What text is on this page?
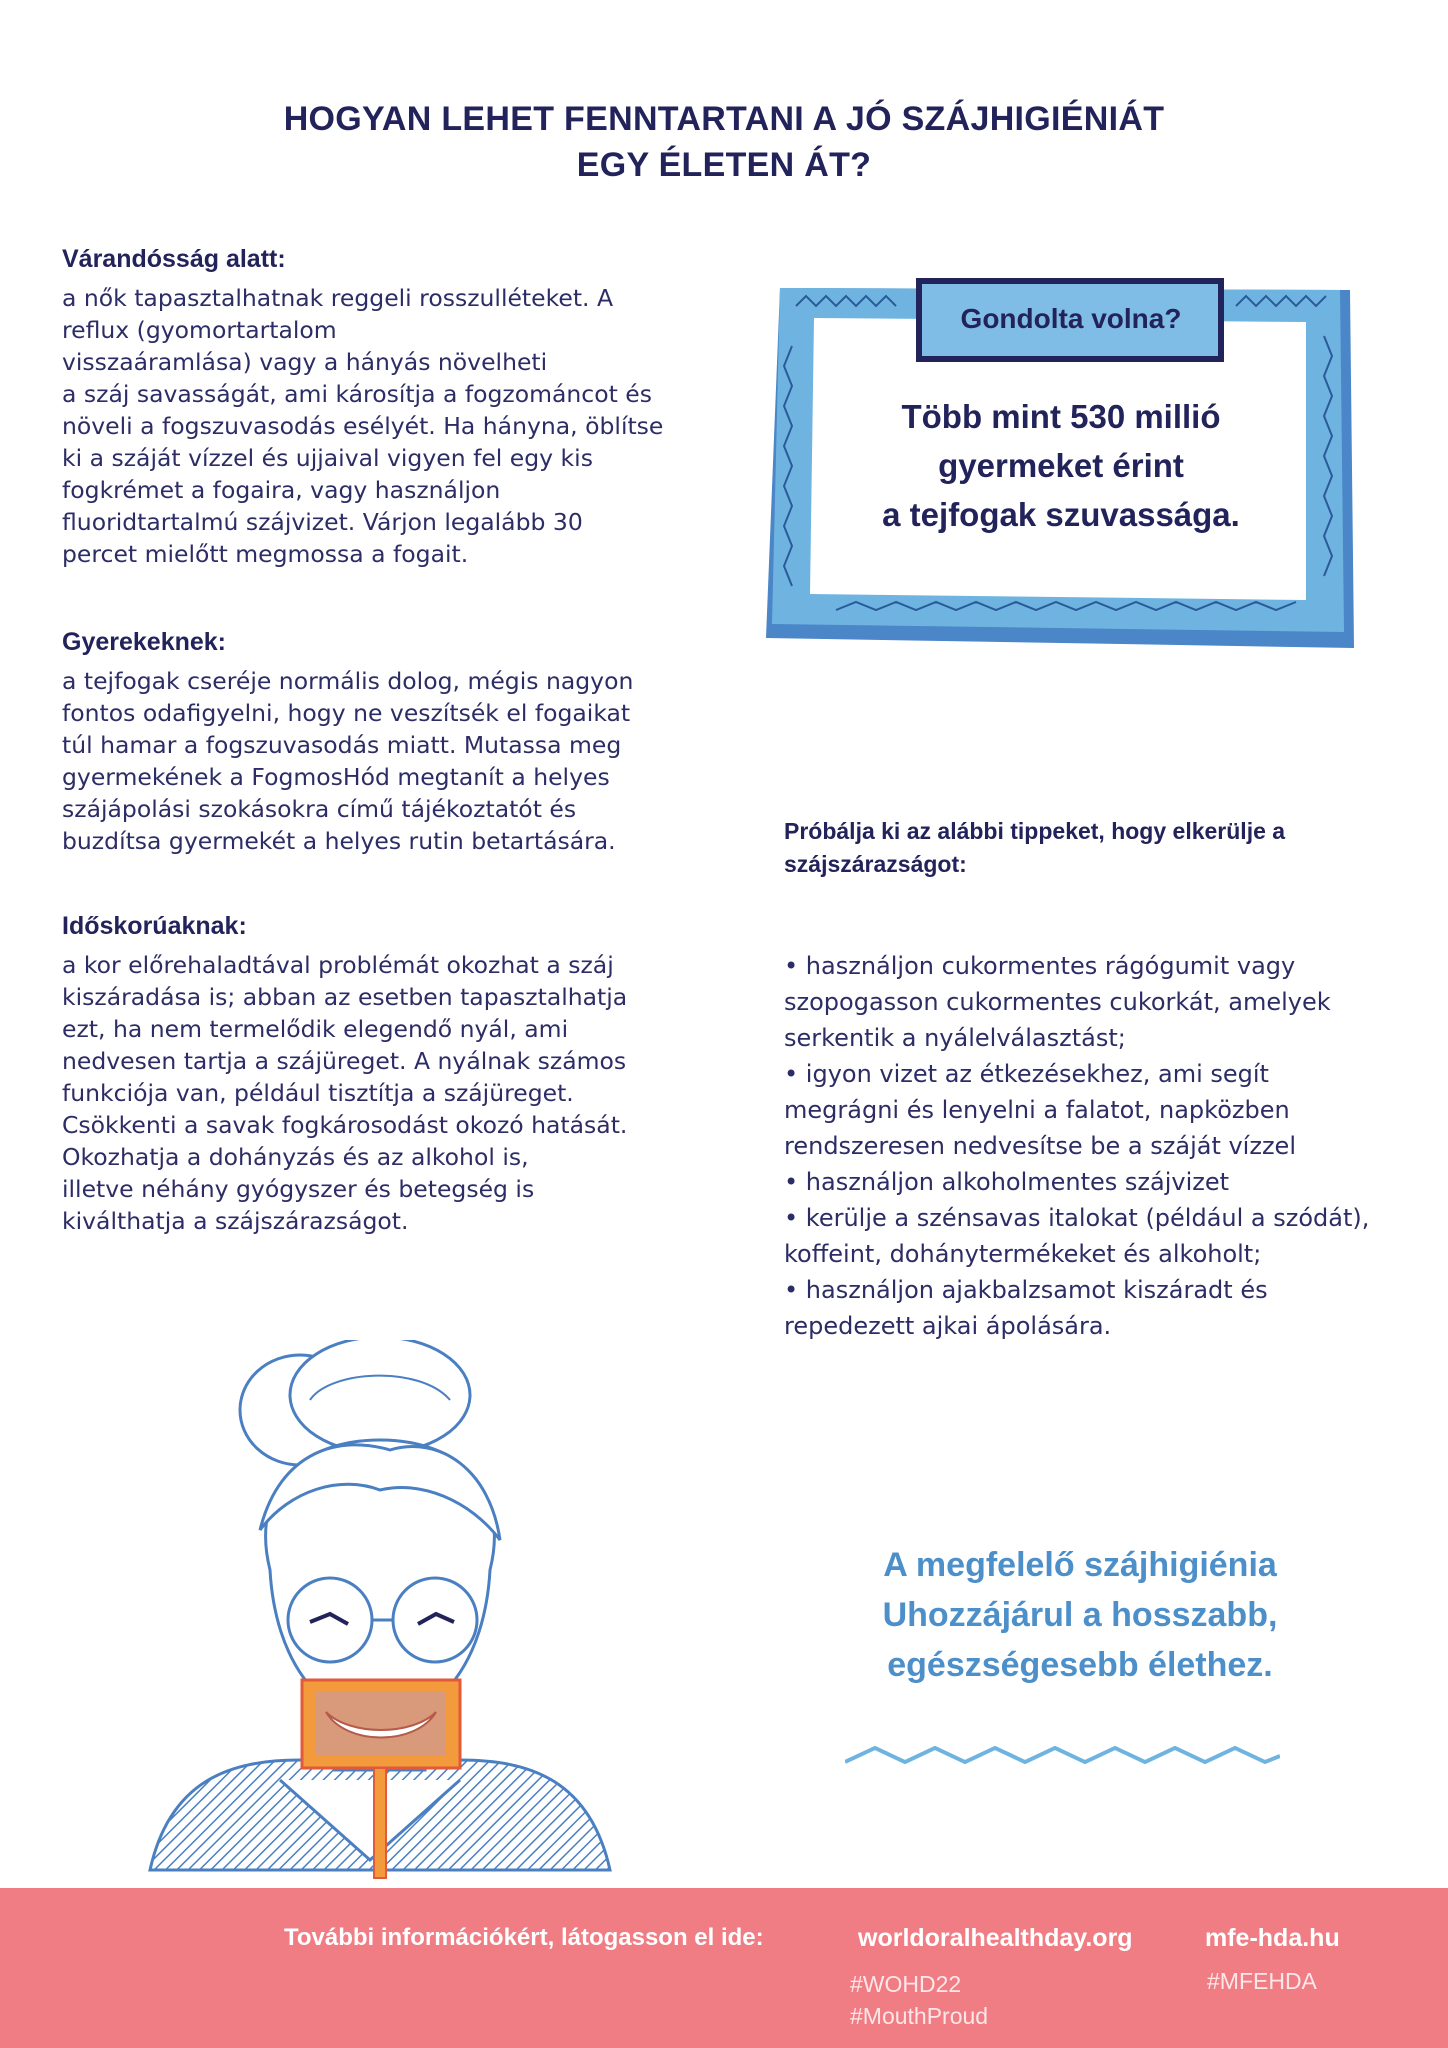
HOGYAN LEHET FENNTARTANI A JÓ SZÁJHIGIÉNIÁT
EGY ÉLETEN ÁT?
Várandósság alatt:
a nők tapasztalhatnak reggeli rosszulléteket. A
reflux (gyomortartalom
visszaáramlása) vagy a hányás növelheti
a száj savasságát, ami károsítja a fogzománcot és
növeli a fogszuvasodás esélyét. Ha hányna, öblítse
ki a száját vízzel és ujjaival vigyen fel egy kis
fogkrémet a fogaira, vagy használjon
fluoridtartalmú szájvizet. Várjon legalább 30
percet mielőtt megmossa a fogait.
Gyerekeknek:
a tejfogak cseréje normális dolog, mégis nagyon
fontos odafigyelni, hogy ne veszítsék el fogaikat
túl hamar a fogszuvasodás miatt. Mutassa meg
gyermekének a FogmosHód megtanít a helyes
szájápolási szokásokra című tájékoztatót és
buzdítsa gyermekét a helyes rutin betartására.
Időskorúaknak:
a kor előrehaladtával problémát okozhat a száj
kiszáradása is; abban az esetben tapasztalhatja
ezt, ha nem termelődik elegendő nyál, ami
nedvesen tartja a szájüreget. A nyálnak számos
funkciója van, például tisztítja a szájüreget.
Csökkenti a savak fogkárosodást okozó hatását.
Okozhatja a dohányzás és az alkohol is,
illetve néhány gyógyszer és betegség is
kiválthatja a szájszárazságot.
Gondolta volna?
Több mint 530 millió
gyermeket érint
a tejfogak szuvassága.
Próbálja ki az alábbi tippeket, hogy elkerülje a szájszárazságot:
• használjon cukormentes rágógumit vagy szopogasson cukormentes cukorkát, amelyek serkentik a nyálelválasztást;
• igyon vizet az étkezésekhez, ami segít megrágni és lenyelni a falatot, napközben rendszeresen nedvesítse be a száját vízzel
• használjon alkoholmentes szájvizet
• kerülje a szénsavas italokat (például a szódát), koffeint, dohánytermékeket és alkoholt;
• használjon ajakbalzsamot kiszáradt és repedezett ajkai ápolására.
A megfelelő szájhigiénia
Uhozzájárul a hosszabb,
egészségesebb élethez.
További információkért, látogasson el ide:	worldoralhealthday.org	mfe-hda.hu
#WOHD22
#MouthProud
#MFEHDA
